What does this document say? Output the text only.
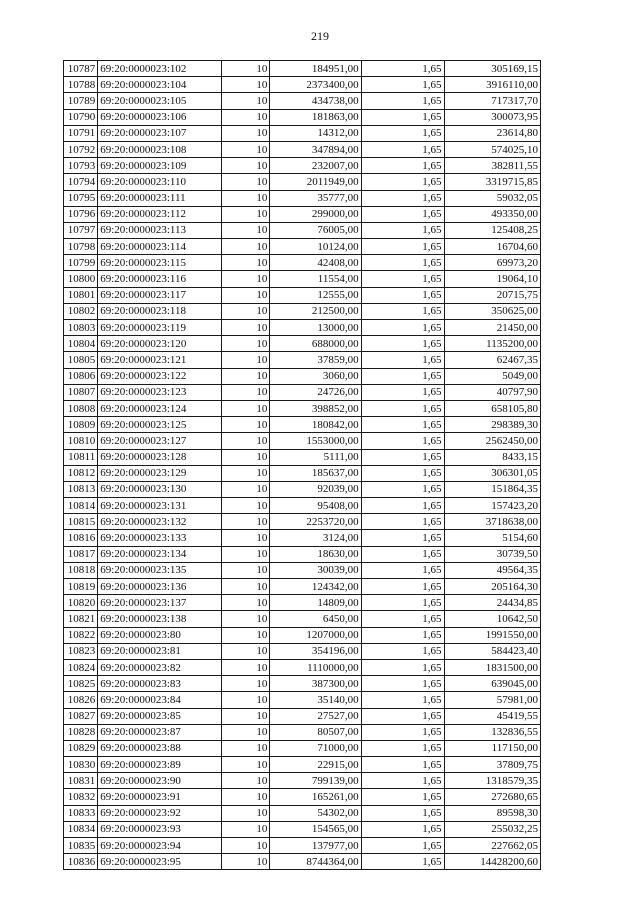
219
10787	69:20:0000023:102	10	184951,00	1,65	305169,15
10788	69:20:0000023:104	10	2373400,00	1,65	3916110,00
10789	69:20:0000023:105	10	434738,00	1,65	717317,70
10790	69:20:0000023:106	10	181863,00	1,65	300073,95
10791	69:20:0000023:107	10	14312,00	1,65	23614,80
10792	69:20:0000023:108	10	347894,00	1,65	574025,10
10793	69:20:0000023:109	10	232007,00	1,65	382811,55
10794	69:20:0000023:110	10	2011949,00	1,65	3319715,85
10795	69:20:0000023:111	10	35777,00	1,65	59032,05
10796	69:20:0000023:112	10	299000,00	1,65	493350,00
10797	69:20:0000023:113	10	76005,00	1,65	125408,25
10798	69:20:0000023:114	10	10124,00	1,65	16704,60
10799	69:20:0000023:115	10	42408,00	1,65	69973,20
10800	69:20:0000023:116	10	11554,00	1,65	19064,10
10801	69:20:0000023:117	10	12555,00	1,65	20715,75
10802	69:20:0000023:118	10	212500,00	1,65	350625,00
10803	69:20:0000023:119	10	13000,00	1,65	21450,00
10804	69:20:0000023:120	10	688000,00	1,65	1135200,00
10805	69:20:0000023:121	10	37859,00	1,65	62467,35
10806	69:20:0000023:122	10	3060,00	1,65	5049,00
10807	69:20:0000023:123	10	24726,00	1,65	40797,90
10808	69:20:0000023:124	10	398852,00	1,65	658105,80
10809	69:20:0000023:125	10	180842,00	1,65	298389,30
10810	69:20:0000023:127	10	1553000,00	1,65	2562450,00
10811	69:20:0000023:128	10	5111,00	1,65	8433,15
10812	69:20:0000023:129	10	185637,00	1,65	306301,05
10813	69:20:0000023:130	10	92039,00	1,65	151864,35
10814	69:20:0000023:131	10	95408,00	1,65	157423,20
10815	69:20:0000023:132	10	2253720,00	1,65	3718638,00
10816	69:20:0000023:133	10	3124,00	1,65	5154,60
10817	69:20:0000023:134	10	18630,00	1,65	30739,50
10818	69:20:0000023:135	10	30039,00	1,65	49564,35
10819	69:20:0000023:136	10	124342,00	1,65	205164,30
10820	69:20:0000023:137	10	14809,00	1,65	24434,85
10821	69:20:0000023:138	10	6450,00	1,65	10642,50
10822	69:20:0000023:80	10	1207000,00	1,65	1991550,00
10823	69:20:0000023:81	10	354196,00	1,65	584423,40
10824	69:20:0000023:82	10	1110000,00	1,65	1831500,00
10825	69:20:0000023:83	10	387300,00	1,65	639045,00
10826	69:20:0000023:84	10	35140,00	1,65	57981,00
10827	69:20:0000023:85	10	27527,00	1,65	45419,55
10828	69:20:0000023:87	10	80507,00	1,65	132836,55
10829	69:20:0000023:88	10	71000,00	1,65	117150,00
10830	69:20:0000023:89	10	22915,00	1,65	37809,75
10831	69:20:0000023:90	10	799139,00	1,65	1318579,35
10832	69:20:0000023:91	10	165261,00	1,65	272680,65
10833	69:20:0000023:92	10	54302,00	1,65	89598,30
10834	69:20:0000023:93	10	154565,00	1,65	255032,25
10835	69:20:0000023:94	10	137977,00	1,65	227662,05
10836	69:20:0000023:95	10	8744364,00	1,65	14428200,60
